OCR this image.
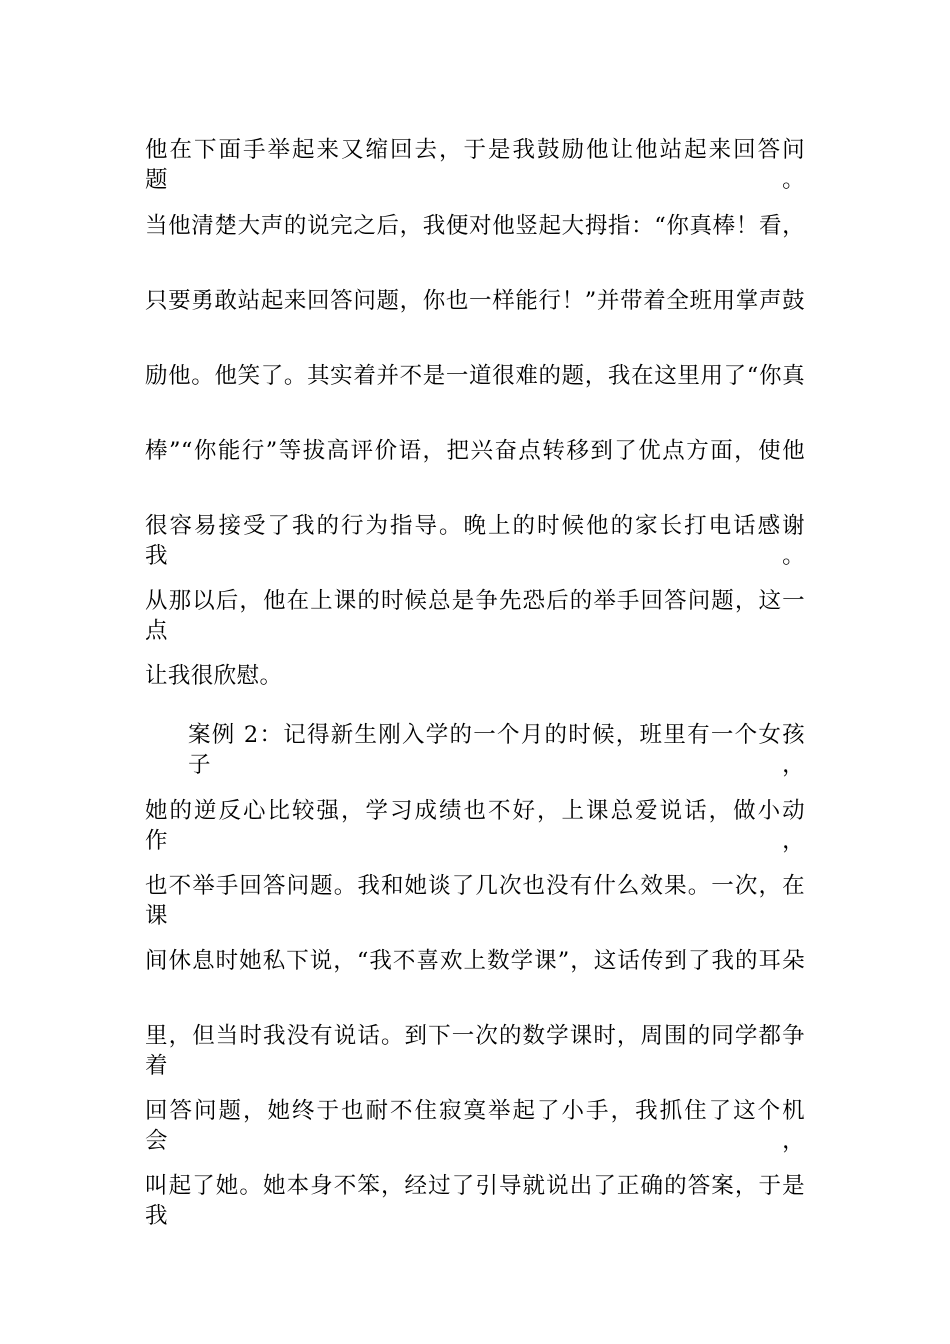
他在下面手举起来又缩回去，于是我鼓励他让他站起来回答问题。
当他清楚大声的说完之后，我便对他竖起大拇指：“你真棒！看，
只要勇敢站起来回答问题，你也一样能行！”并带着全班用掌声鼓
励他。他笑了。其实着并不是一道很难的题，我在这里用了“你真
棒”“你能行”等拔高评价语，把兴奋点转移到了优点方面，使他
很容易接受了我的行为指导。晚上的时候他的家长打电话感谢我。
从那以后，他在上课的时候总是争先恐后的举手回答问题，这一点
让我很欣慰。
案例 2：记得新生刚入学的一个月的时候，班里有一个女孩子，
她的逆反心比较强，学习成绩也不好，上课总爱说话，做小动作，
也不举手回答问题。我和她谈了几次也没有什么效果。一次，在课
间休息时她私下说，“我不喜欢上数学课”，这话传到了我的耳朵
里，但当时我没有说话。到下一次的数学课时，周围的同学都争着
回答问题，她终于也耐不住寂寞举起了小手，我抓住了这个机会，
叫起了她。她本身不笨，经过了引导就说出了正确的答案，于是我
